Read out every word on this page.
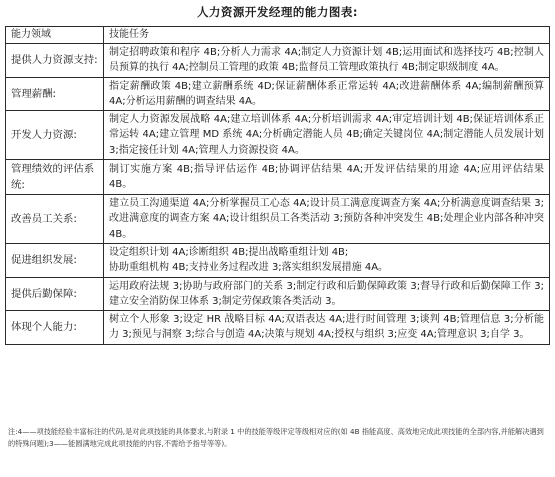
人力资源开发经理的能力图表:
能力领域	技能任务
提供人力资源支持:	制定招聘政策和程序 4B;分析人力需求 4A;制定人力资源计划 4B;运用面试和选择技巧 4B;控制人员预算的执行 4A;控制员工管理的政策 4B;监督员工管理政策执行 4B;制定职级制度 4A。
管理薪酬:	指定薪酬政策 4B;建立薪酬系统 4D;保证薪酬体系正常运转 4A;改进薪酬体系 4A;编制薪酬预算 4A;分析运用薪酬的调查结果 4A。
开发人力资源:	制定人力资源发展战略 4A;建立培训体系 4A;分析培训需求 4A;审定培训计划 4B;保证培训体系正常运转 4A;建立管理 MD 系统 4A;分析确定潜能人员 4B;确定关键岗位 4A;制定潜能人员发展计划 3;指定接任计划 4A;管理人力资源投资 4A。
管理绩效的评估系统:	制订实施方案 4B;指导评估运作 4B;协调评估结果 4A;开发评估结果的用途 4A;应用评估结果 4B。
改善员工关系:	建立员工沟通渠道 4A;分析掌握员工心态 4A;设计员工满意度调查方案 4A;分析满意度调查结果 3;改进满意度的调查方案 4A;设计组织员工各类活动 3;预防各种冲突发生 4B;处理企业内部各种冲突 4B。
促进组织发展:	设定组织计划 4A;诊断组织 4B;提出战略重组计划 4B;
协助重组机构 4B;支持业务过程改进 3;落实组织发展措施 4A。
提供后勤保障:	运用政府法规 3;协助与政府部门的关系 3;制定行政和后勤保障政策 3;督导行政和后勤保障工作 3;建立安全消防保卫体系 3;制定劳保政策各类活动 3。
体现个人能力:	树立个人形象 3;设定 HR 战略目标 4A;双语表达 4A;进行时间管理 3;谈判 4B;管理信息 3;分析能力 3;预见与洞察 3;综合与创造 4A;决策与规划 4A;授权与组织 3;应变 4A;管理意识 3;自学 3。
注:4——项技能经验丰富标注的代码,是对此项技能的具体要求,与附录 1 中的技能等级评定等级相对应的(如 4B 指能高度、高效地完成此项技能的全部内容,并能解决遇到的特殊问题);3——能圆满地完成此项技能的内容,不需给予指导等等)。
